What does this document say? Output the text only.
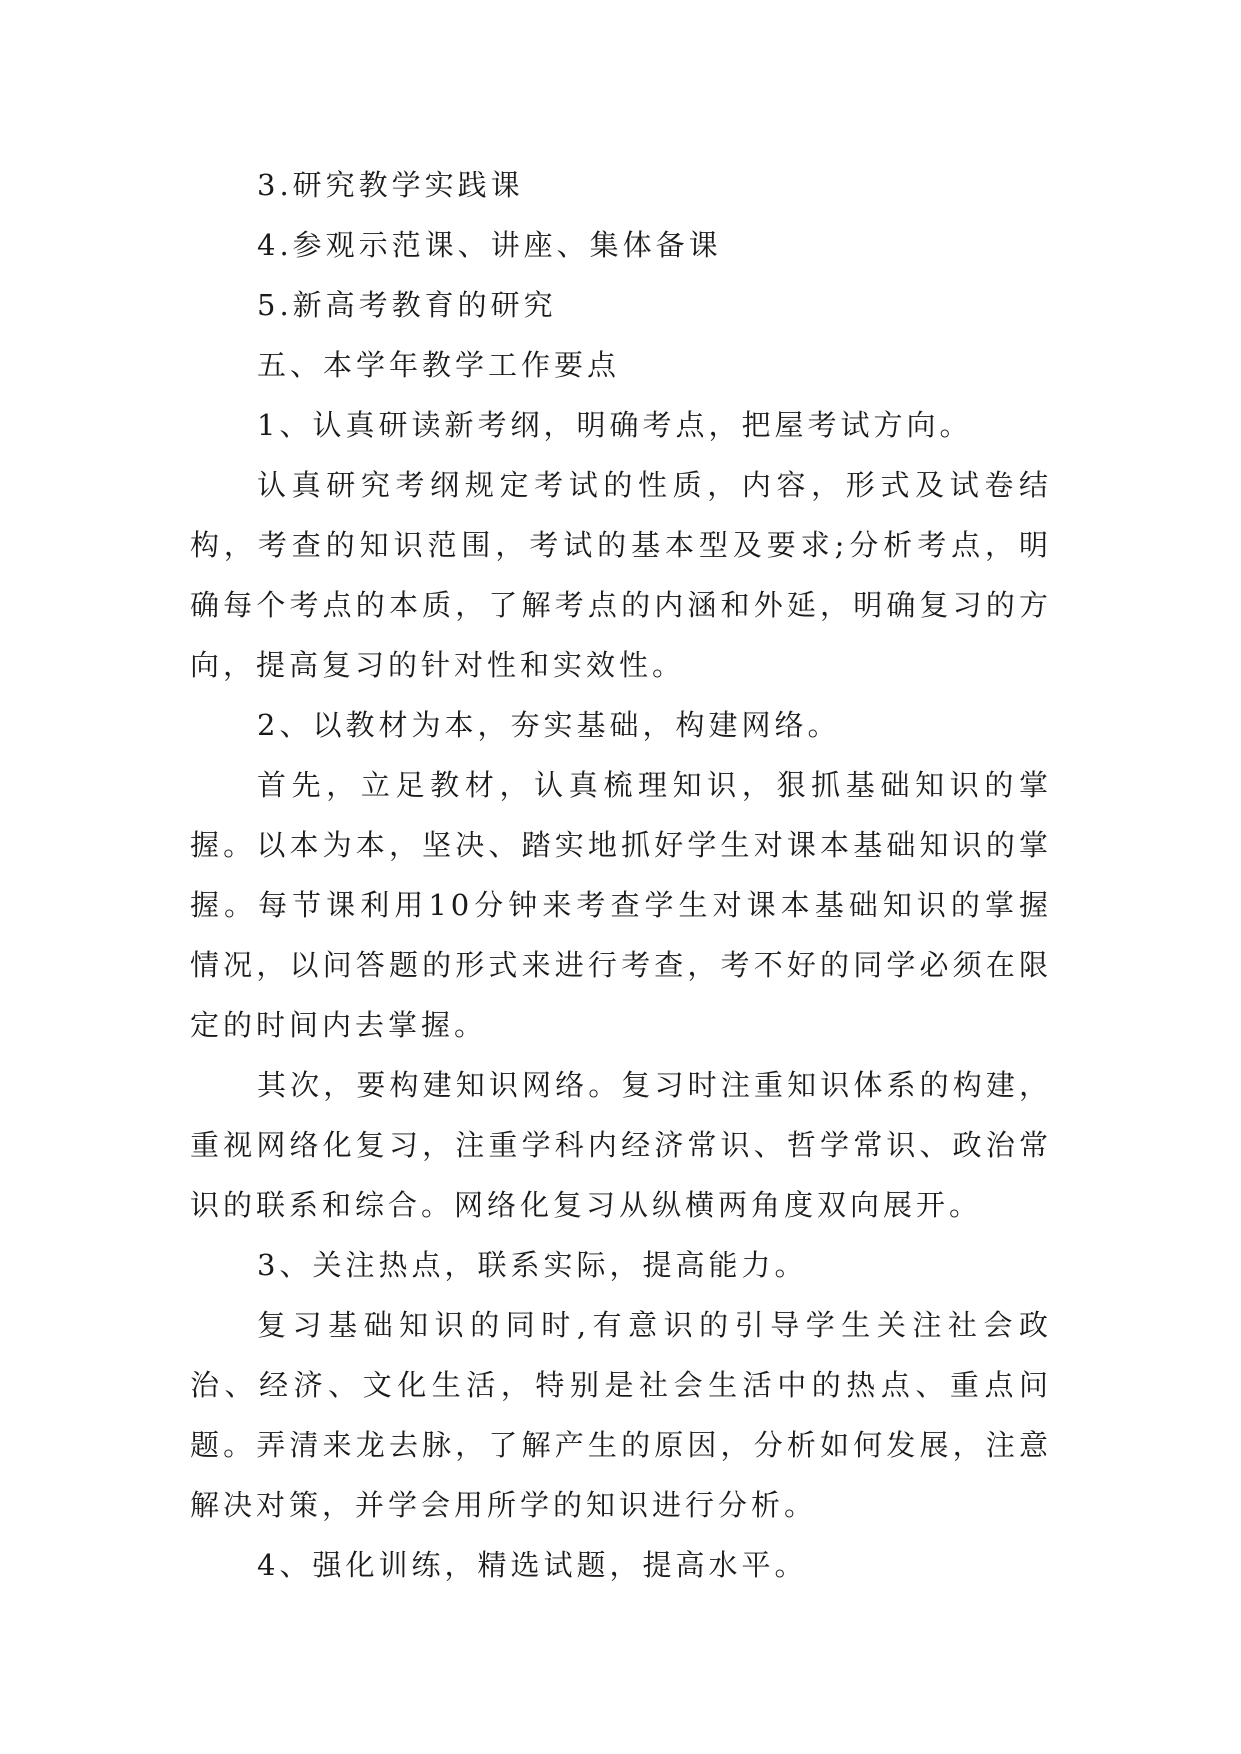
3.研究教学实践课

4.参观示范课、讲座、集体备课

5.新高考教育的研究

五、本学年教学工作要点

1、认真研读新考纲，明确考点，把屋考试方向。

认真研究考纲规定考试的性质，内容，形式及试卷结构，考查的知识范围，考试的基本型及要求;分析考点，明确每个考点的本质，了解考点的内涵和外延，明确复习的方向，提高复习的针对性和实效性。

2、以教材为本，夯实基础，构建网络。

首先，立足教材，认真梳理知识，狠抓基础知识的掌握。以本为本，坚决、踏实地抓好学生对课本基础知识的掌握。每节课利用10分钟来考查学生对课本基础知识的掌握情况，以问答题的形式来进行考查，考不好的同学必须在限定的时间内去掌握。

其次，要构建知识网络。复习时注重知识体系的构建，重视网络化复习，注重学科内经济常识、哲学常识、政治常识的联系和综合。网络化复习从纵横两角度双向展开。

3、关注热点，联系实际，提高能力。

复习基础知识的同时,有意识的引导学生关注社会政治、经济、文化生活，特别是社会生活中的热点、重点问题。弄清来龙去脉，了解产生的原因，分析如何发展，注意解决对策，并学会用所学的知识进行分析。

4、强化训练，精选试题，提高水平。
